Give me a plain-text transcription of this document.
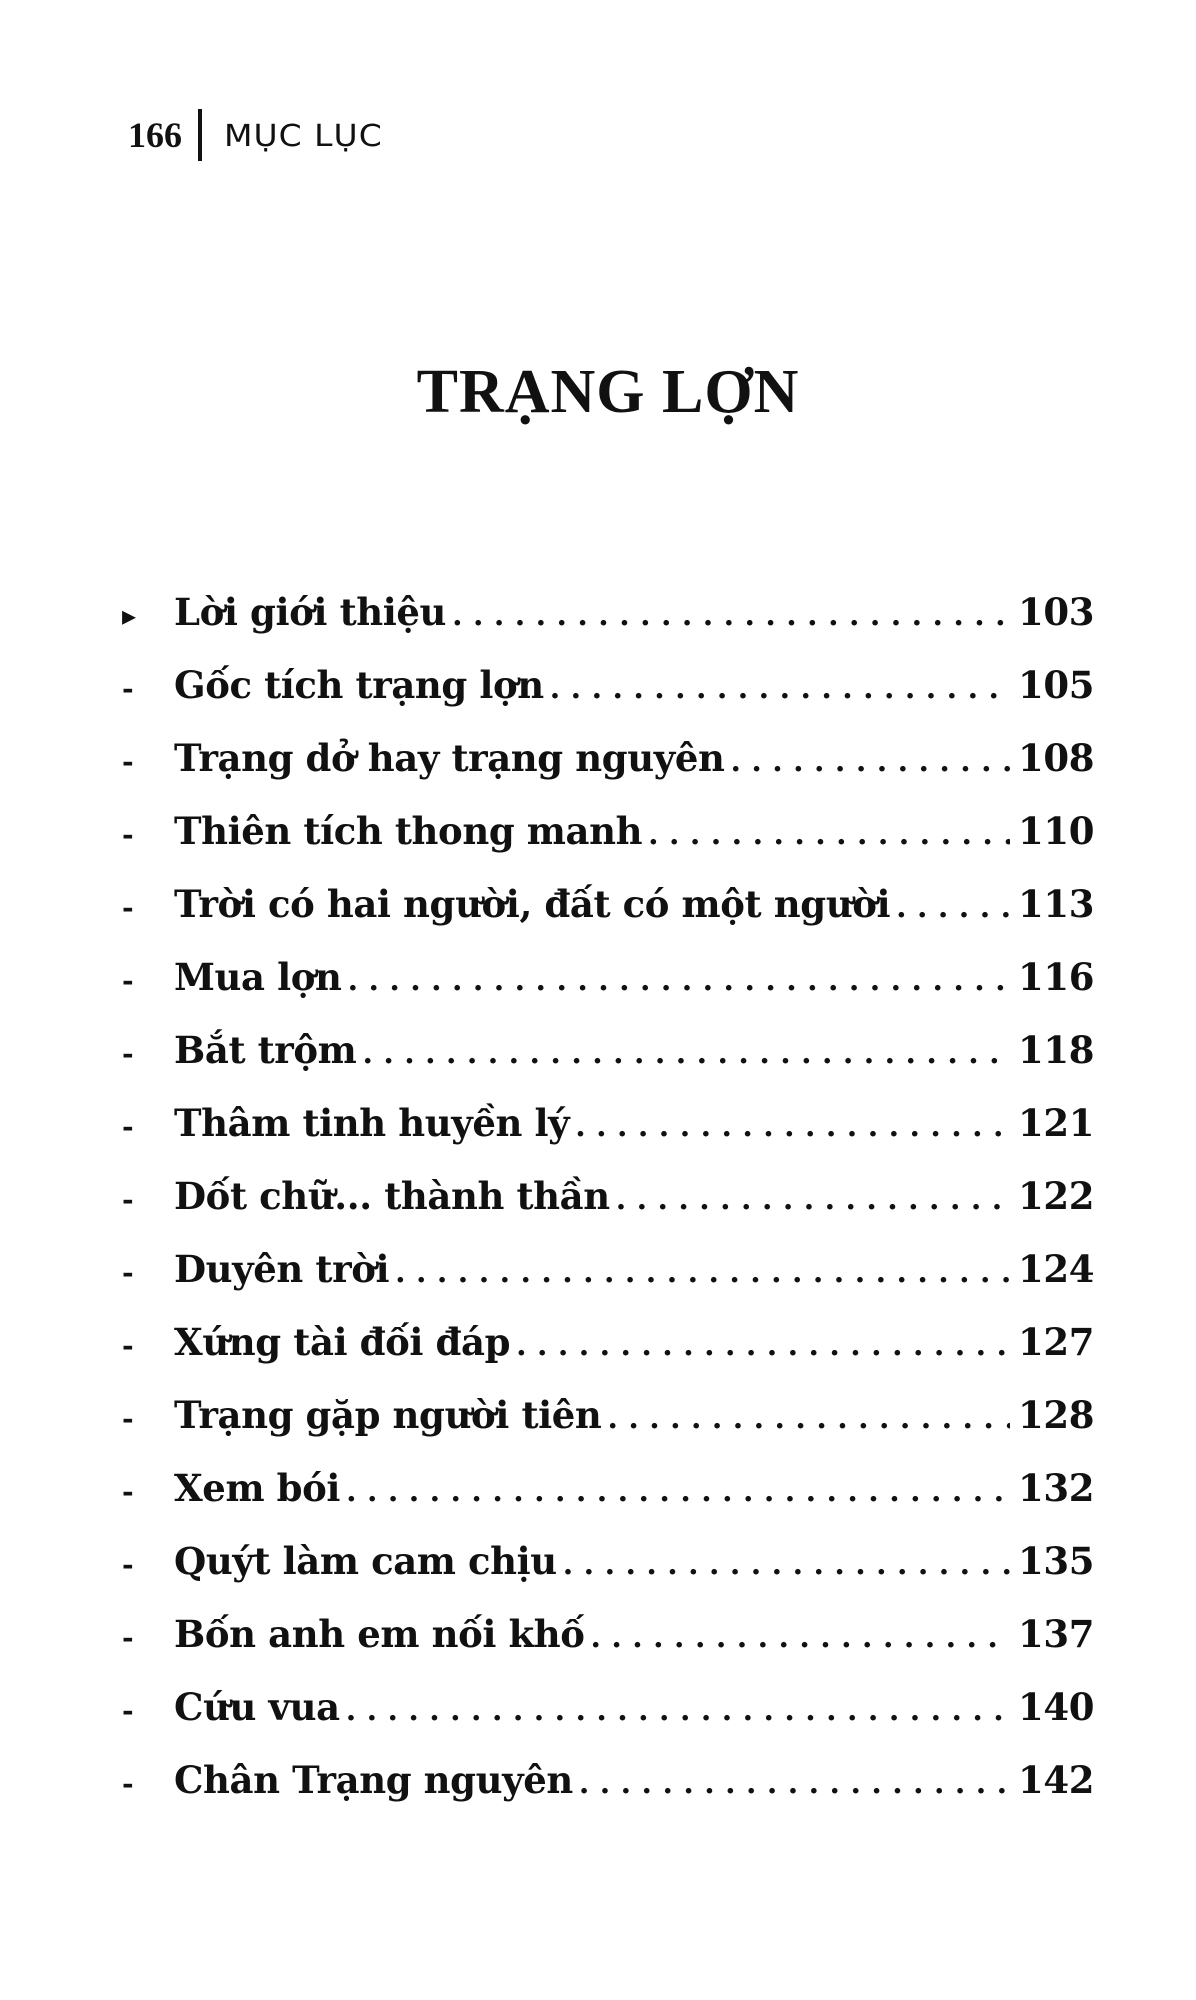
166 MỤC LỤC
TRẠNG LỢN
▸	Lời giới thiệu . . .	103
-	Gốc tích trạng lợn . . .	105
-	Trạng dở hay trạng nguyên . . .	108
-	Thiên tích thong manh . . .	110
-	Trời có hai người, đất có một người . . .	113
-	Mua lợn . . .	116
-	Bắt trộm . . .	118
-	Thâm tinh huyền lý . . .	121
-	Dốt chữ... thành thần . . .	122
-	Duyên trời . . .	124
-	Xứng tài đối đáp . . .	127
-	Trạng gặp người tiên . . .	128
-	Xem bói . . .	132
-	Quýt làm cam chịu . . .	135
-	Bốn anh em nối khố . . .	137
-	Cứu vua . . .	140
-	Chân Trạng nguyên . . .	142
